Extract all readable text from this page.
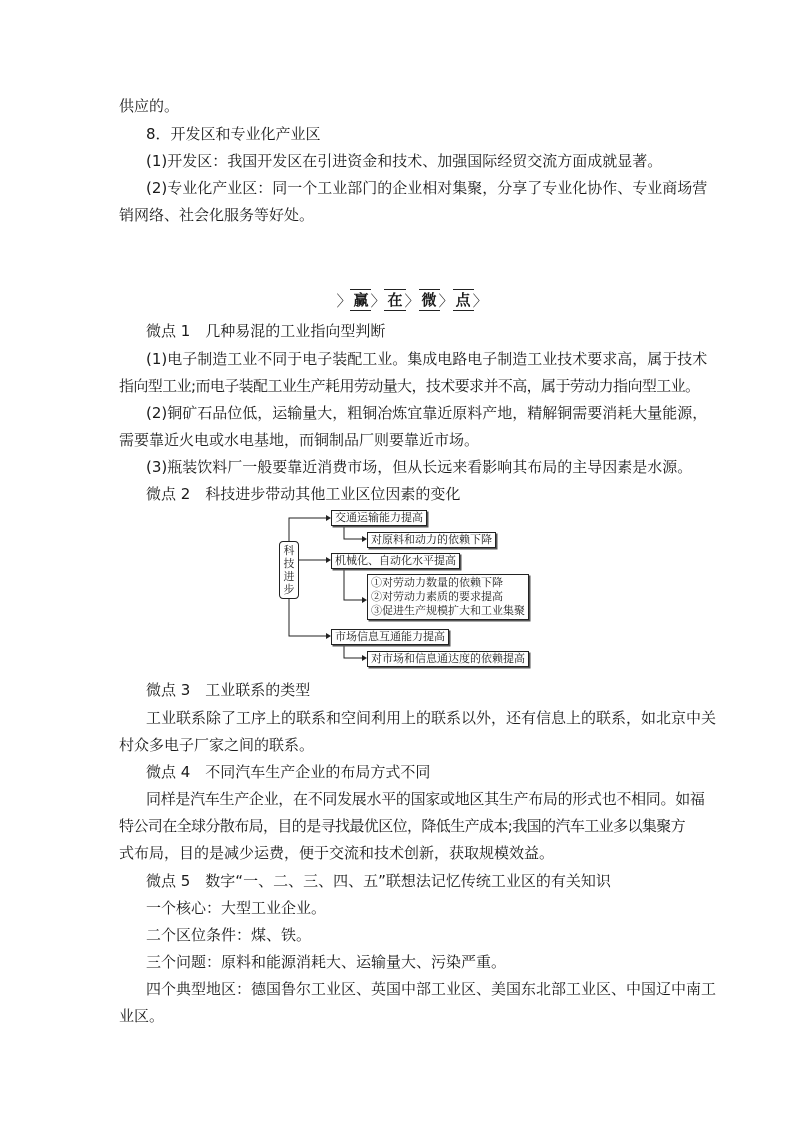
供应的。
8．开发区和专业化产业区
(1)开发区：我国开发区在引进资金和技术、加强国际经贸交流方面成就显著。
(2)专业化产业区：同一个工业部门的企业相对集聚，分享了专业化协作、专业商场营
销网络、社会化服务等好处。
〉 赢 〉 在 〉 微 〉 点 〉
微点 1　几种易混的工业指向型判断
(1)电子制造工业不同于电子装配工业。集成电路电子制造工业技术要求高，属于技术
指向型工业;而电子装配工业生产耗用劳动量大，技术要求并不高，属于劳动力指向型工业。
(2)铜矿石品位低，运输量大，粗铜冶炼宜靠近原料产地，精解铜需要消耗大量能源，
需要靠近火电或水电基地，而铜制品厂则要靠近市场。
(3)瓶装饮料厂一般要靠近消费市场，但从长远来看影响其布局的主导因素是水源。
微点 2　科技进步带动其他工业区位因素的变化
科
技
进
步
交通运输能力提高
对原料和动力的依赖下降
机械化、自动化水平提高
①对劳动力数量的依赖下降
②对劳动力素质的要求提高
③促进生产规模扩大和工业集聚
市场信息互通能力提高
对市场和信息通达度的依赖提高
微点 3　工业联系的类型
工业联系除了工序上的联系和空间利用上的联系以外，还有信息上的联系，如北京中关
村众多电子厂家之间的联系。
微点 4　不同汽车生产企业的布局方式不同
同样是汽车生产企业，在不同发展水平的国家或地区其生产布局的形式也不相同。如福
特公司在全球分散布局，目的是寻找最优区位，降低生产成本;我国的汽车工业多以集聚方
式布局，目的是减少运费，便于交流和技术创新，获取规模效益。
微点 5　数字“一、二、三、四、五”联想法记忆传统工业区的有关知识
一个核心：大型工业企业。
二个区位条件：煤、铁。
三个问题：原料和能源消耗大、运输量大、污染严重。
四个典型地区：德国鲁尔工业区、英国中部工业区、美国东北部工业区、中国辽中南工
业区。
